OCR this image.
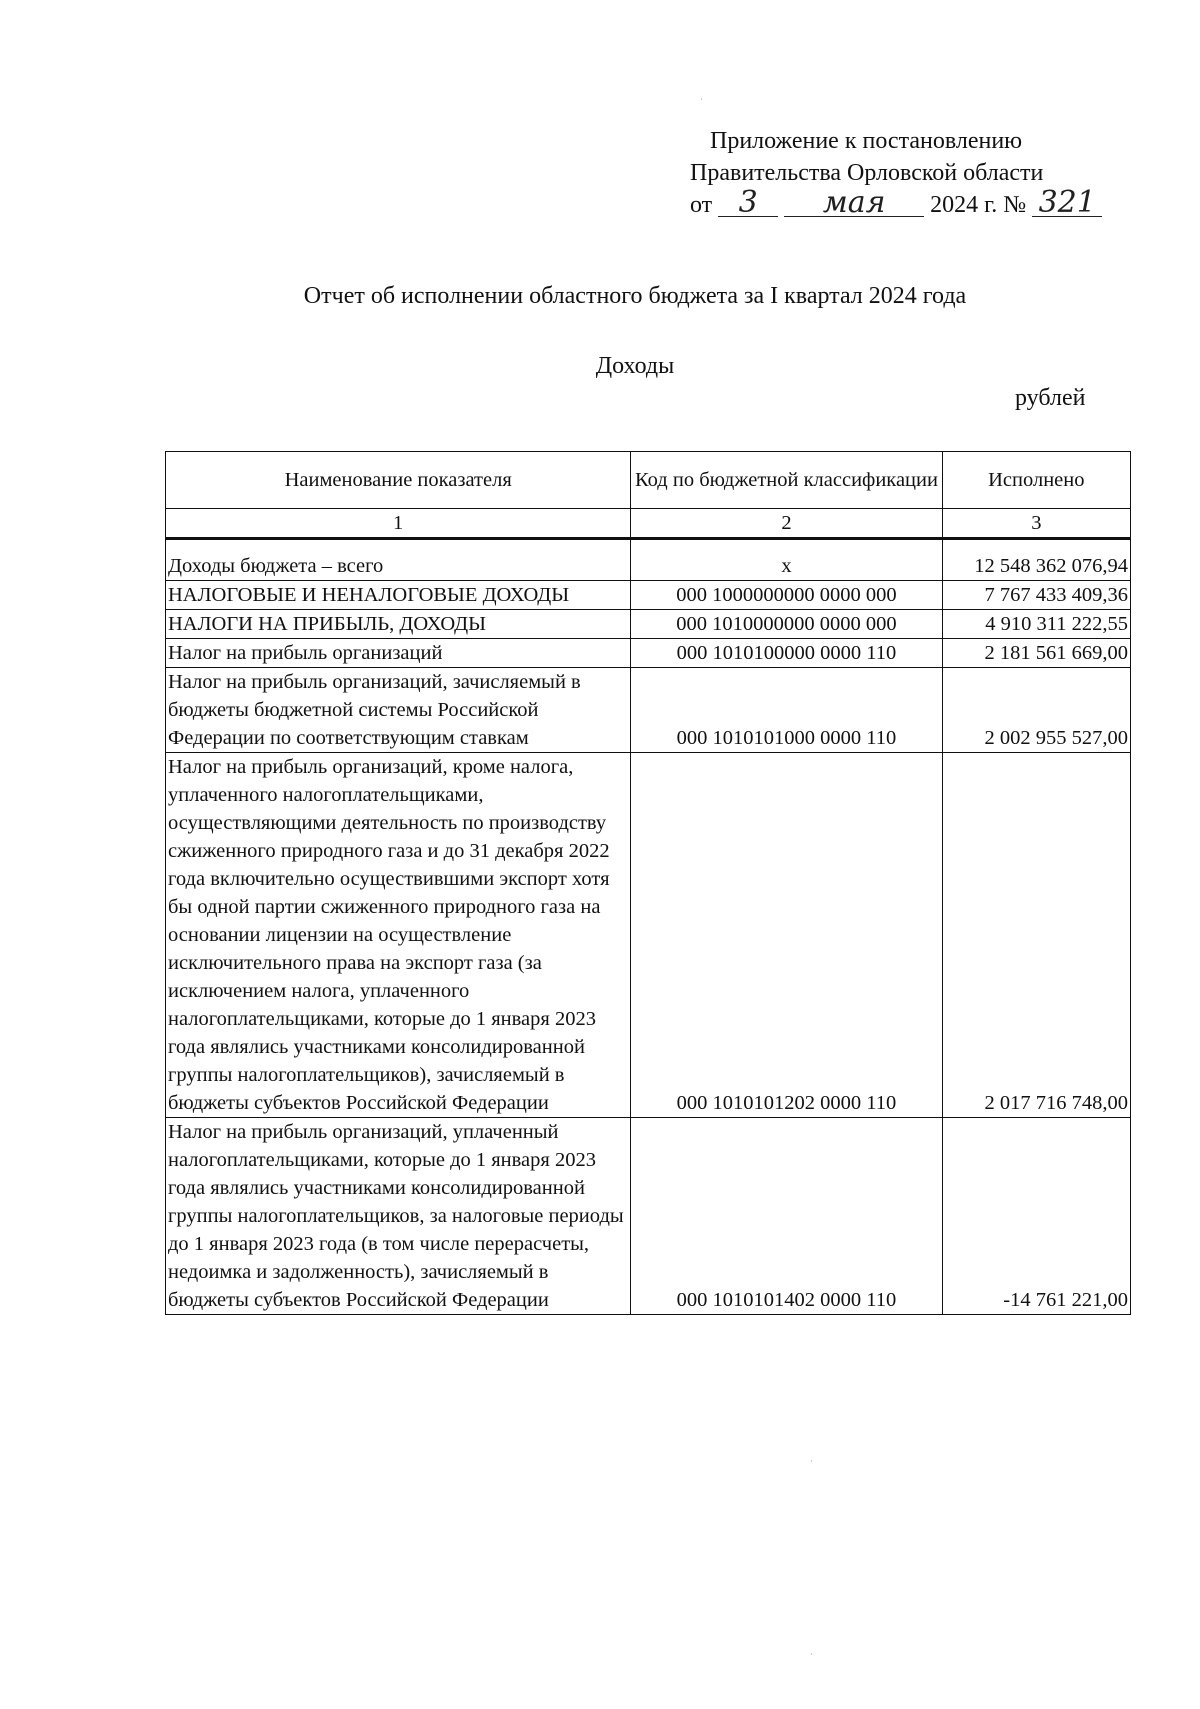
Приложение к постановлению
Правительства Орловской области
от 3 мая 2024 г. № 321
Отчет об исполнении областного бюджета за I квартал 2024 года
Доходы
рублей
Наименование показателя	Код по бюджетной классификации	Исполнено
1	2	3
Доходы бюджета – всего	x	12 548 362 076,94
НАЛОГОВЫЕ И НЕНАЛОГОВЫЕ ДОХОДЫ	000 1000000000 0000 000	7 767 433 409,36
НАЛОГИ НА ПРИБЫЛЬ, ДОХОДЫ	000 1010000000 0000 000	4 910 311 222,55
Налог на прибыль организаций	000 1010100000 0000 110	2 181 561 669,00
Налог на прибыль организаций, зачисляемый в бюджеты бюджетной системы Российской Федерации по соответствующим ставкам	000 1010101000 0000 110	2 002 955 527,00
Налог на прибыль организаций, кроме налога, уплаченного налогоплательщиками, осуществляющими деятельность по производству сжиженного природного газа и до 31 декабря 2022 года включительно осуществившими экспорт хотя бы одной партии сжиженного природного газа на основании лицензии на осуществление исключительного права на экспорт газа (за исключением налога, уплаченного налогоплательщиками, которые до 1 января 2023 года являлись участниками консолидированной группы налогоплательщиков), зачисляемый в бюджеты субъектов Российской Федерации	000 1010101202 0000 110	2 017 716 748,00
Налог на прибыль организаций, уплаченный налогоплательщиками, которые до 1 января 2023 года являлись участниками консолидированной группы налогоплательщиков, за налоговые периоды до 1 января 2023 года (в том числе перерасчеты, недоимка и задолженность), зачисляемый в бюджеты субъектов Российской Федерации	000 1010101402 0000 110	-14 761 221,00
·
·
·
